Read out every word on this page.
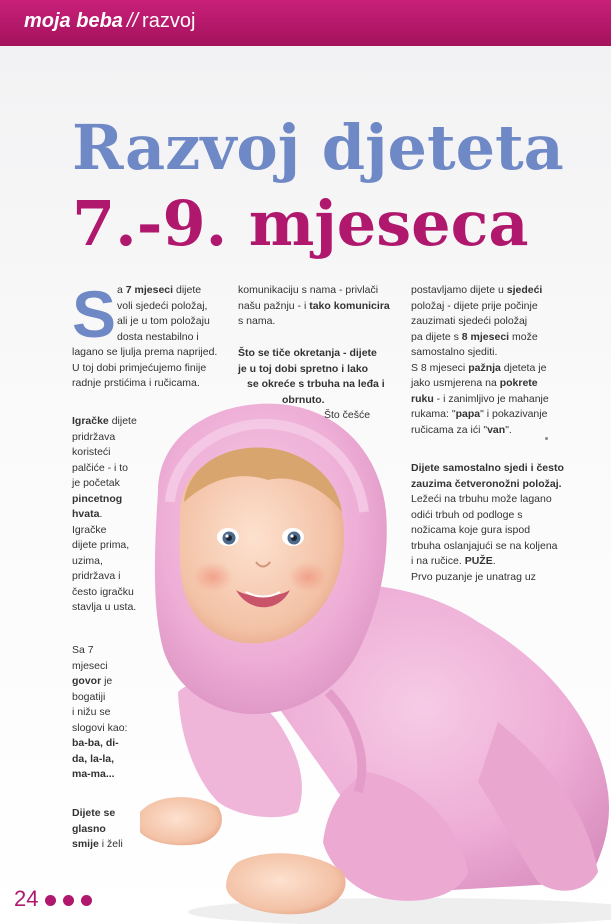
moja beba // razvoj
Razvoj djeteta
7.-9. mjeseca
S a 7 mjeseci dijete
voli sjedeći položaj,
ali je u tom položaju
dosta nestabilno i
lagano se ljulja prema naprijed.
U toj dobi primjećujemo finije
radnje prstićima i ručicama.
Igračke dijete
pridržava
koristeći
palčiće - i to
je početak
pincetnog
hvata.
Igračke
dijete prima,
uzima,
pridržava i
često igračku
stavlja u usta.
Sa 7
mjeseci
govor je
bogatiji
i nižu se
slogovi kao:
ba-ba, di-
da, la-la,
ma-ma...
Dijete se
glasno
smije i želi
komunikaciju s nama - privlači
našu pažnju - i tako komunicira
s nama.
Što se tiče okretanja - dijete
je u toj dobi spretno i lako
se okreće s trbuha na leđa i
obrnuto.
Što češće
postavljamo dijete u sjedeći
položaj - dijete prije počinje
zauzimati sjedeći položaj
pa dijete s 8 mjeseci može
samostalno sjediti.
S 8 mjeseci pažnja djeteta je
jako usmjerena na pokrete
ruku - i zanimljivo je mahanje
rukama: "papa" i pokazivanje
ručicama za ići "van".
Dijete samostalno sjedi i često
zauzima četveronožni položaj.
Ležeći na trbuhu može lagano
odići trbuh od podloge s
nožicama koje gura ispod
trbuha oslanjajući se na koljena
i na ručice. PUŽE.
Prvo puzanje je unatrag uz
24
